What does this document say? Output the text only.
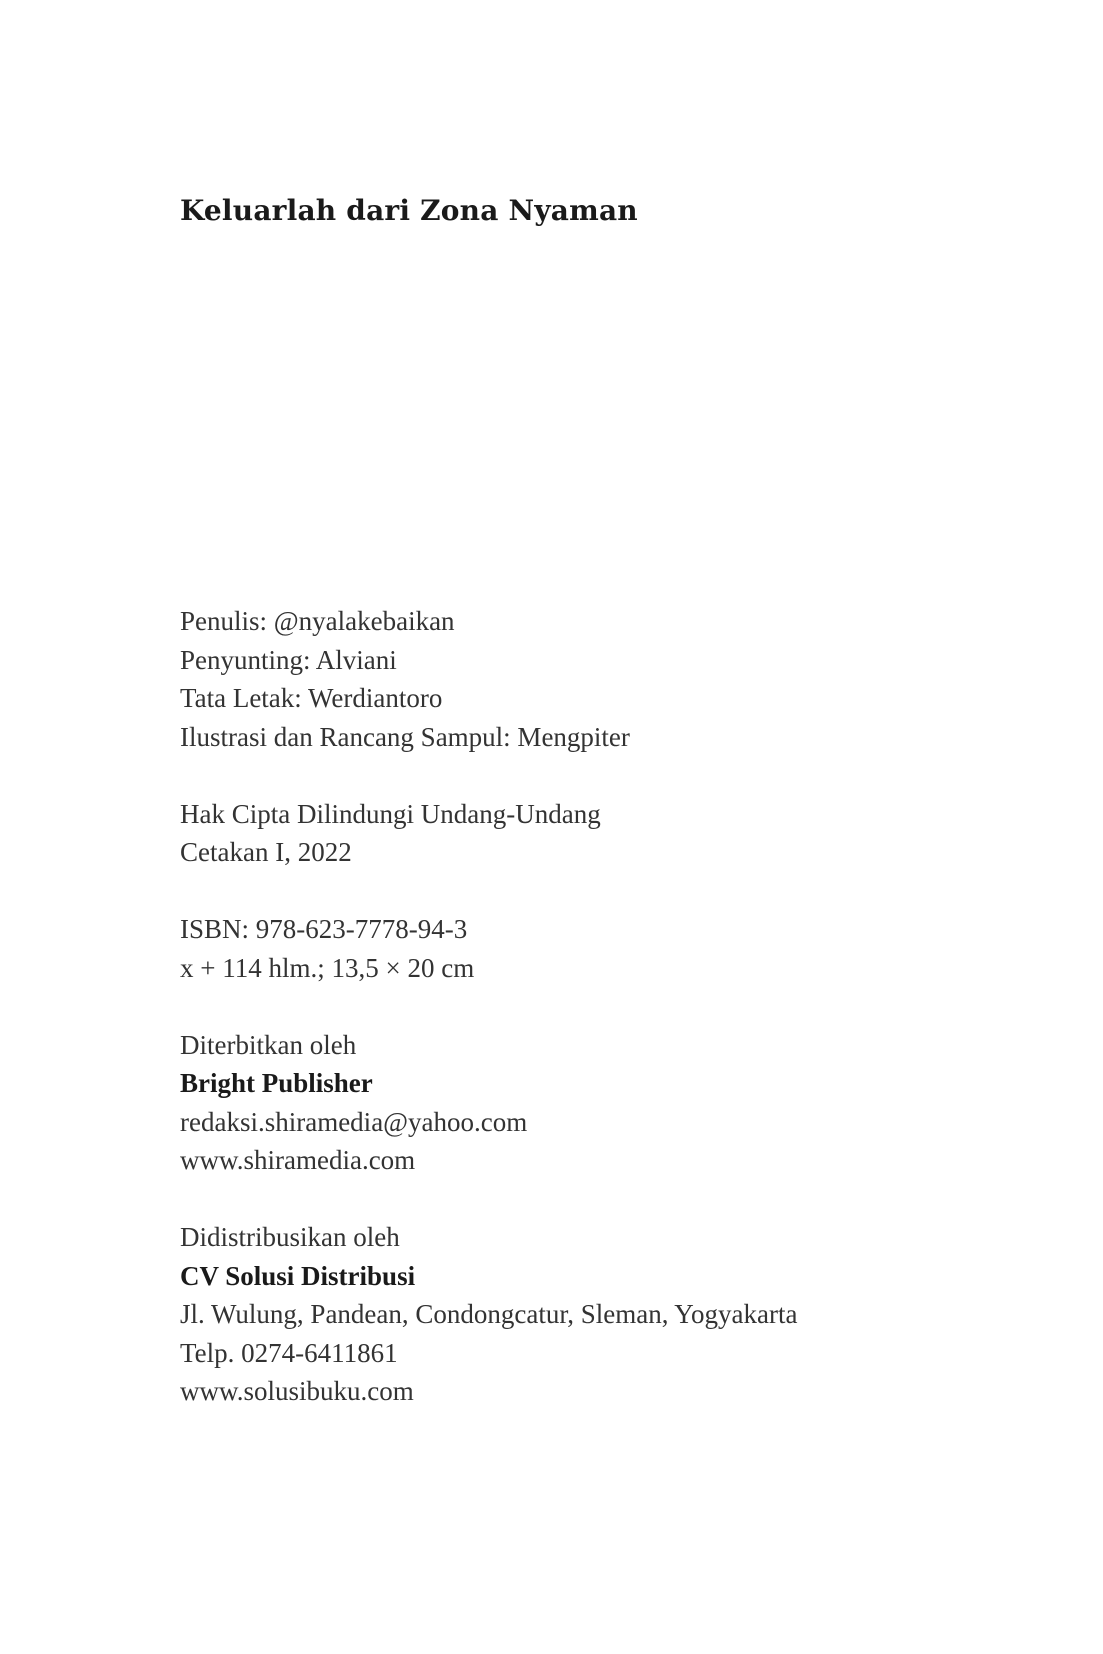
Keluarlah dari Zona Nyaman
Penulis: @nyalakebaikan
Penyunting: Alviani
Tata Letak: Werdiantoro
Ilustrasi dan Rancang Sampul: Mengpiter
Hak Cipta Dilindungi Undang-Undang
Cetakan I, 2022
ISBN: 978-623-7778-94-3
x + 114 hlm.; 13,5 × 20 cm
Diterbitkan oleh
Bright Publisher
redaksi.shiramedia@yahoo.com
www.shiramedia.com
Didistribusikan oleh
CV Solusi Distribusi
Jl. Wulung, Pandean, Condongcatur, Sleman, Yogyakarta
Telp. 0274-6411861
www.solusibuku.com
